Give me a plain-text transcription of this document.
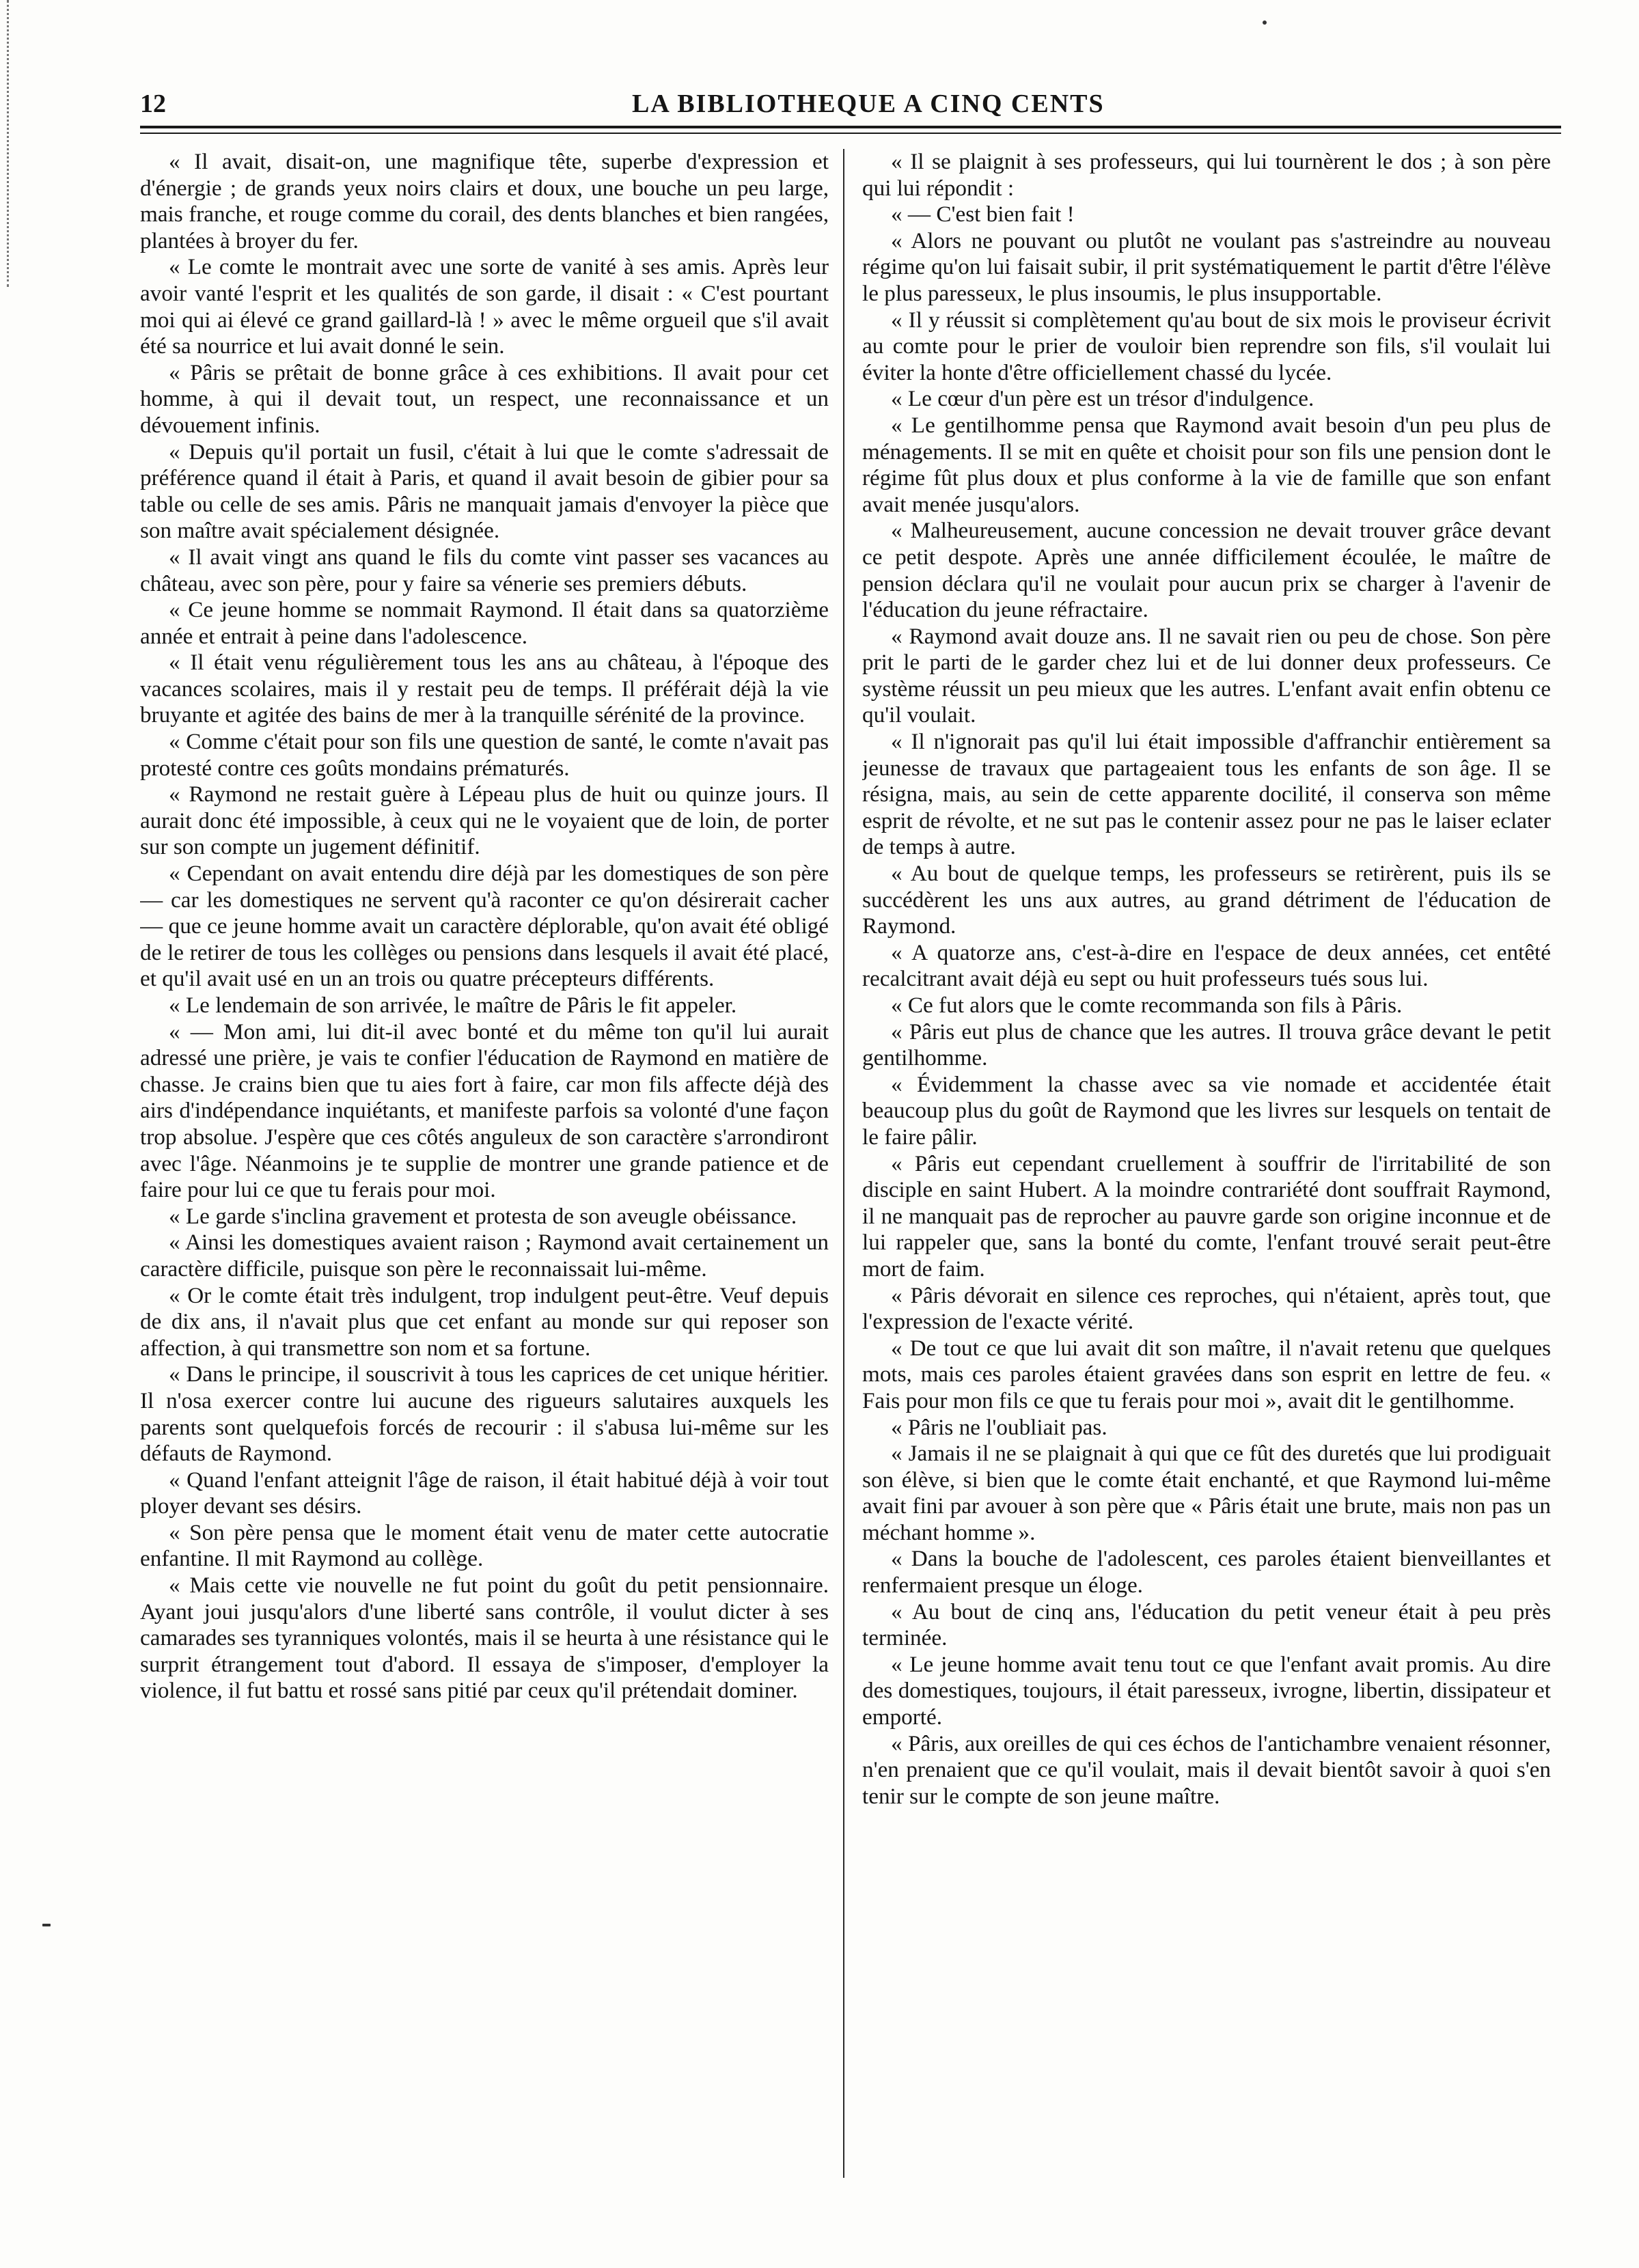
12	LA BIBLIOTHEQUE A CINQ CENTS

« Il avait, disait-on, une magnifique tête, superbe d'expression et d'énergie ; de grands yeux noirs clairs et doux, une bouche un peu large, mais franche, et rouge comme du corail, des dents blanches et bien rangées, plantées à broyer du fer.

« Le comte le montrait avec une sorte de vanité à ses amis. Après leur avoir vanté l'esprit et les qualités de son garde, il disait : « C'est pourtant moi qui ai élevé ce grand gaillard-là ! » avec le même orgueil que s'il avait été sa nourrice et lui avait donné le sein.

« Pâris se prêtait de bonne grâce à ces exhibitions. Il avait pour cet homme, à qui il devait tout, un respect, une reconnaissance et un dévouement infinis.

« Depuis qu'il portait un fusil, c'était à lui que le comte s'adressait de préférence quand il était à Paris, et quand il avait besoin de gibier pour sa table ou celle de ses amis. Pâris ne manquait jamais d'envoyer la pièce que son maître avait spécialement désignée.

« Il avait vingt ans quand le fils du comte vint passer ses vacances au château, avec son père, pour y faire sa vénerie ses premiers débuts.

« Ce jeune homme se nommait Raymond. Il était dans sa quatorzième année et entrait à peine dans l'adolescence.

« Il était venu régulièrement tous les ans au château, à l'époque des vacances scolaires, mais il y restait peu de temps. Il préférait déjà la vie bruyante et agitée des bains de mer à la tranquille sérénité de la province.

« Comme c'était pour son fils une question de santé, le comte n'avait pas protesté contre ces goûts mondains prématurés.

« Raymond ne restait guère à Lépeau plus de huit ou quinze jours. Il aurait donc été impossible, à ceux qui ne le voyaient que de loin, de porter sur son compte un jugement définitif.

« Cependant on avait entendu dire déjà par les domestiques de son père — car les domestiques ne servent qu'à raconter ce qu'on désirerait cacher — que ce jeune homme avait un caractère déplorable, qu'on avait été obligé de le retirer de tous les collèges ou pensions dans lesquels il avait été placé, et qu'il avait usé en un an trois ou quatre précepteurs différents.

« Le lendemain de son arrivée, le maître de Pâris le fit appeler.

« — Mon ami, lui dit-il avec bonté et du même ton qu'il lui aurait adressé une prière, je vais te confier l'éducation de Raymond en matière de chasse. Je crains bien que tu aies fort à faire, car mon fils affecte déjà des airs d'indépendance inquiétants, et manifeste parfois sa volonté d'une façon trop absolue. J'espère que ces côtés anguleux de son caractère s'arrondiront avec l'âge. Néanmoins je te supplie de montrer une grande patience et de faire pour lui ce que tu ferais pour moi.

« Le garde s'inclina gravement et protesta de son aveugle obéissance.

« Ainsi les domestiques avaient raison ; Raymond avait certainement un caractère difficile, puisque son père le reconnaissait lui-même.

« Or le comte était très indulgent, trop indulgent peut-être. Veuf depuis de dix ans, il n'avait plus que cet enfant au monde sur qui reposer son affection, à qui transmettre son nom et sa fortune.

« Dans le principe, il souscrivit à tous les caprices de cet unique héritier. Il n'osa exercer contre lui aucune des rigueurs salutaires auxquels les parents sont quelquefois forcés de recourir : il s'abusa lui-même sur les défauts de Raymond.

« Quand l'enfant atteignit l'âge de raison, il était habitué déjà à voir tout ployer devant ses désirs.

« Son père pensa que le moment était venu de mater cette autocratie enfantine. Il mit Raymond au collège.

« Mais cette vie nouvelle ne fut point du goût du petit pensionnaire. Ayant joui jusqu'alors d'une liberté sans contrôle, il voulut dicter à ses camarades ses tyranniques volontés, mais il se heurta à une résistance qui le surprit étrangement tout d'abord. Il essaya de s'imposer, d'employer la violence, il fut battu et rossé sans pitié par ceux qu'il prétendait dominer.

« Il se plaignit à ses professeurs, qui lui tournèrent le dos ; à son père qui lui répondit :

« — C'est bien fait !

« Alors ne pouvant ou plutôt ne voulant pas s'astreindre au nouveau régime qu'on lui faisait subir, il prit systématiquement le partit d'être l'élève le plus paresseux, le plus insoumis, le plus insupportable.

« Il y réussit si complètement qu'au bout de six mois le proviseur écrivit au comte pour le prier de vouloir bien reprendre son fils, s'il voulait lui éviter la honte d'être officiellement chassé du lycée.

« Le cœur d'un père est un trésor d'indulgence.

« Le gentilhomme pensa que Raymond avait besoin d'un peu plus de ménagements. Il se mit en quête et choisit pour son fils une pension dont le régime fût plus doux et plus conforme à la vie de famille que son enfant avait menée jusqu'alors.

« Malheureusement, aucune concession ne devait trouver grâce devant ce petit despote. Après une année difficilement écoulée, le maître de pension déclara qu'il ne voulait pour aucun prix se charger à l'avenir de l'éducation du jeune réfractaire.

« Raymond avait douze ans. Il ne savait rien ou peu de chose. Son père prit le parti de le garder chez lui et de lui donner deux professeurs. Ce système réussit un peu mieux que les autres. L'enfant avait enfin obtenu ce qu'il voulait.

« Il n'ignorait pas qu'il lui était impossible d'affranchir entièrement sa jeunesse de travaux que partageaient tous les enfants de son âge. Il se résigna, mais, au sein de cette apparente docilité, il conserva son même esprit de révolte, et ne sut pas le contenir assez pour ne pas le laiser eclater de temps à autre.

« Au bout de quelque temps, les professeurs se retirèrent, puis ils se succédèrent les uns aux autres, au grand détriment de l'éducation de Raymond.

« A quatorze ans, c'est-à-dire en l'espace de deux années, cet entêté recalcitrant avait déjà eu sept ou huit professeurs tués sous lui.

« Ce fut alors que le comte recommanda son fils à Pâris.

« Pâris eut plus de chance que les autres. Il trouva grâce devant le petit gentilhomme.

« Évidemment la chasse avec sa vie nomade et accidentée était beaucoup plus du goût de Raymond que les livres sur lesquels on tentait de le faire pâlir.

« Pâris eut cependant cruellement à souffrir de l'irritabilité de son disciple en saint Hubert. A la moindre contrariété dont souffrait Raymond, il ne manquait pas de reprocher au pauvre garde son origine inconnue et de lui rappeler que, sans la bonté du comte, l'enfant trouvé serait peut-être mort de faim.

« Pâris dévorait en silence ces reproches, qui n'étaient, après tout, que l'expression de l'exacte vérité.

« De tout ce que lui avait dit son maître, il n'avait retenu que quelques mots, mais ces paroles étaient gravées dans son esprit en lettre de feu. « Fais pour mon fils ce que tu ferais pour moi », avait dit le gentilhomme.

« Pâris ne l'oubliait pas.

« Jamais il ne se plaignait à qui que ce fût des duretés que lui prodiguait son élève, si bien que le comte était enchanté, et que Raymond lui-même avait fini par avouer à son père que « Pâris était une brute, mais non pas un méchant homme ».

« Dans la bouche de l'adolescent, ces paroles étaient bienveillantes et renfermaient presque un éloge.

« Au bout de cinq ans, l'éducation du petit veneur était à peu près terminée.

« Le jeune homme avait tenu tout ce que l'enfant avait promis. Au dire des domestiques, toujours, il était paresseux, ivrogne, libertin, dissipateur et emporté.

« Pâris, aux oreilles de qui ces échos de l'antichambre venaient résonner, n'en prenaient que ce qu'il voulait, mais il devait bientôt savoir à quoi s'en tenir sur le compte de son jeune maître.
